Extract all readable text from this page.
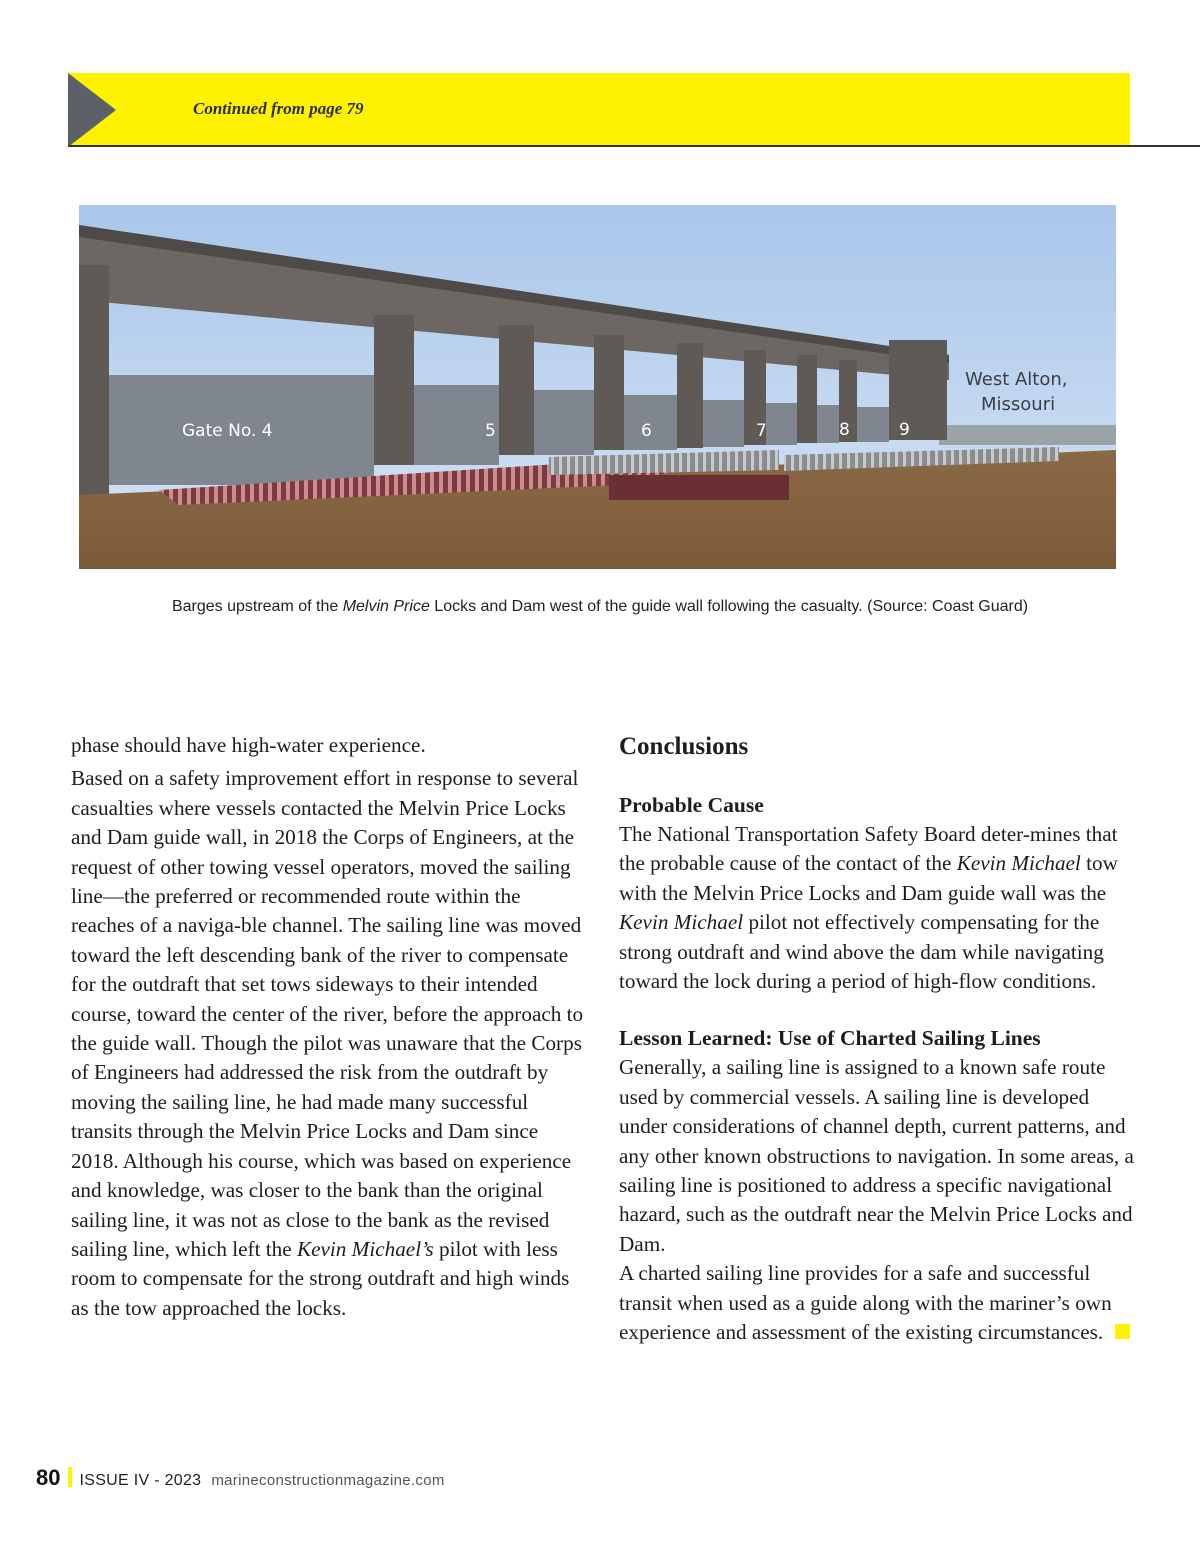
Continued from page 79
Gate No. 4	5	6	7	8	9
West Alton,
Missouri
Barges upstream of the Melvin Price Locks and Dam west of the guide wall following the casualty. (Source: Coast Guard)

phase should have high-water experience.

Based on a safety improvement effort in response to several casualties where vessels contacted the Melvin Price Locks and Dam guide wall, in 2018 the Corps of Engineers, at the request of other towing vessel operators, moved the sailing line—the preferred or recommended route within the reaches of a naviga-ble channel. The sailing line was moved toward the left descending bank of the river to compensate for the outdraft that set tows sideways to their intended course, toward the center of the river, before the approach to the guide wall. Though the pilot was unaware that the Corps of Engineers had addressed the risk from the outdraft by moving the sailing line, he had made many successful transits through the Melvin Price Locks and Dam since 2018. Although his course, which was based on experience and knowledge, was closer to the bank than the original sailing line, it was not as close to the bank as the revised sailing line, which left the Kevin Michael’s pilot with less room to compensate for the strong outdraft and high winds as the tow approached the locks.

Conclusions
Probable Cause

The National Transportation Safety Board deter-mines that the probable cause of the contact of the Kevin Michael tow with the Melvin Price Locks and Dam guide wall was the Kevin Michael pilot not effectively compensating for the strong outdraft and wind above the dam while navigating toward the lock during a period of high-flow conditions.

Lesson Learned: Use of Charted Sailing Lines

Generally, a sailing line is assigned to a known safe route used by commercial vessels. A sailing line is developed under considerations of channel depth, current patterns, and any other known obstructions to navigation. In some areas, a sailing line is positioned to address a specific navigational hazard, such as the outdraft near the Melvin Price Locks and Dam.
A charted sailing line provides for a safe and successful transit when used as a guide along with the mariner’s own experience and assessment of the existing circumstances.

80 ISSUE IV - 2023 marineconstructionmagazine.com
